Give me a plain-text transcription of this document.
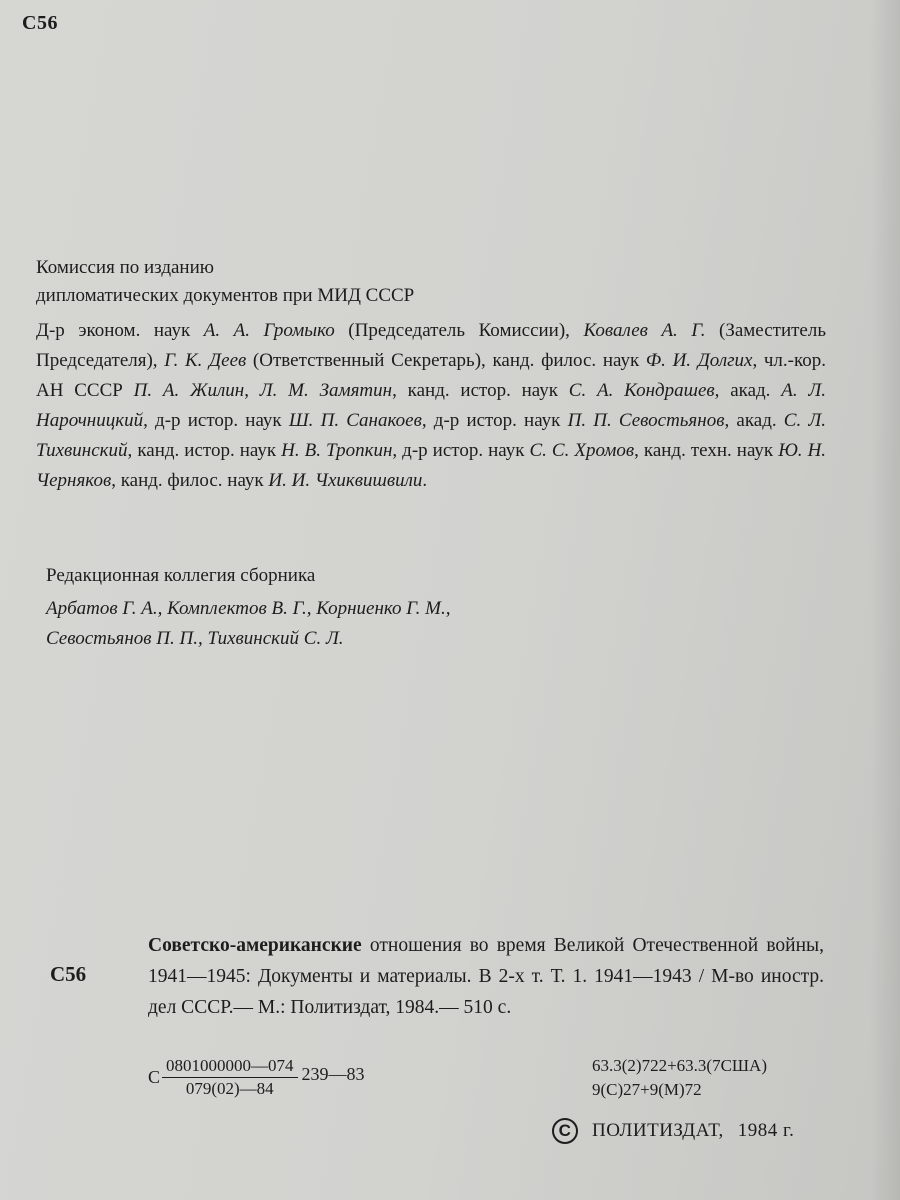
С56
Комиссия по изданию
дипломатических документов при МИД СССР
Д-р эконом. наук А. А. Громыко (Председатель Комиссии), Ковалев А. Г. (Заместитель Председателя), Г. К. Деев (Ответственный Секретарь), канд. филос. наук Ф. И. Долгих, чл.-кор. АН СССР П. А. Жилин, Л. М. Замятин, канд. истор. наук С. А. Кондрашев, акад. А. Л. Нарочницкий, д-р истор. наук Ш. П. Санакоев, д-р истор. наук П. П. Севостьянов, акад. С. Л. Тихвинский, канд. истор. наук Н. В. Тропкин, д-р истор. наук С. С. Хромов, канд. техн. наук Ю. Н. Черняков, канд. филос. наук И. И. Чхиквишвили.
Редакционная коллегия сборника
Арбатов Г. А., Комплектов В. Г., Корниенко Г. М.,
Севостьянов П. П., Тихвинский С. Л.
С56
Советско-американские отношения во время Великой Отечественной войны, 1941—1945: Документы и материалы. В 2-х т. Т. 1. 1941—1943 / М-во иностр. дел СССР.— М.: Политиздат, 1984.— 510 с.
С $\frac{0801000000—074}{079(02)—84}$ 239—83	63.3(2)722+63.3(7США)
9(С)27+9(М)72
C	ПОЛИТИЗДАТ, 1984 г.
